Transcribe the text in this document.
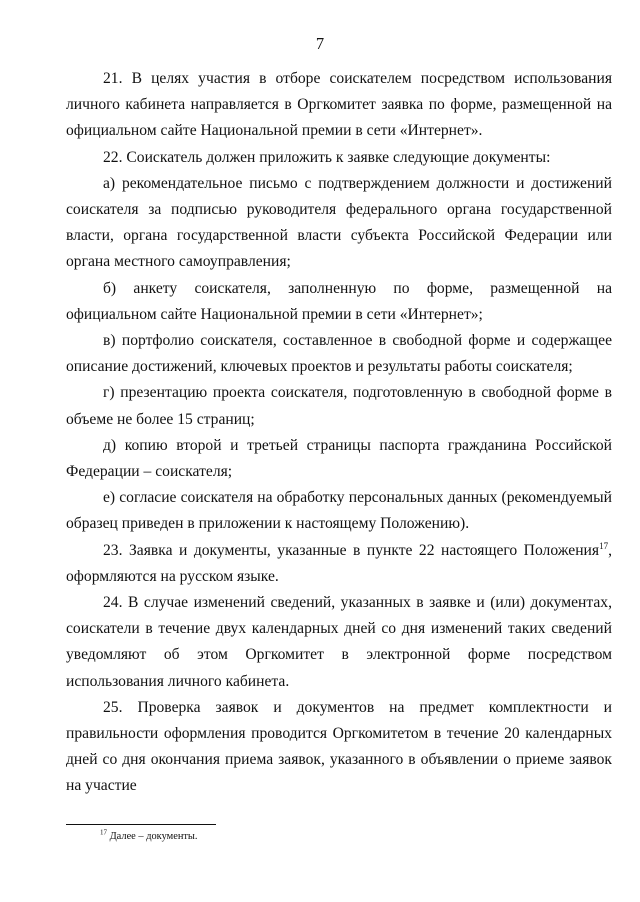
7

21. В целях участия в отборе соискателем посредством использования личного кабинета направляется в Оргкомитет заявка по форме, размещенной на официальном сайте Национальной премии в сети «Интернет».

22. Соискатель должен приложить к заявке следующие документы:

а) рекомендательное письмо с подтверждением должности и достижений соискателя за подписью руководителя федерального органа государственной власти, органа государственной власти субъекта Российской Федерации или органа местного самоуправления;

б) анкету соискателя, заполненную по форме, размещенной на официальном сайте Национальной премии в сети «Интернет»;

в) портфолио соискателя, составленное в свободной форме и содержащее описание достижений, ключевых проектов и результаты работы соискателя;

г) презентацию проекта соискателя, подготовленную в свободной форме в объеме не более 15 страниц;

д) копию второй и третьей страницы паспорта гражданина Российской Федерации – соискателя;

е) согласие соискателя на обработку персональных данных (рекомендуемый образец приведен в приложении к настоящему Положению).

23. Заявка и документы, указанные в пункте 22 настоящего Положения$^{17}$, оформляются на русском языке.

24. В случае изменений сведений, указанных в заявке и (или) документах, соискатели в течение двух календарных дней со дня изменений таких сведений уведомляют об этом Оргкомитет в электронной форме посредством использования личного кабинета.

25. Проверка заявок и документов на предмет комплектности и правильности оформления проводится Оргкомитетом в течение 20 календарных дней со дня окончания приема заявок, указанного в объявлении о приеме заявок на участие

$^{17}$ Далее – документы.
